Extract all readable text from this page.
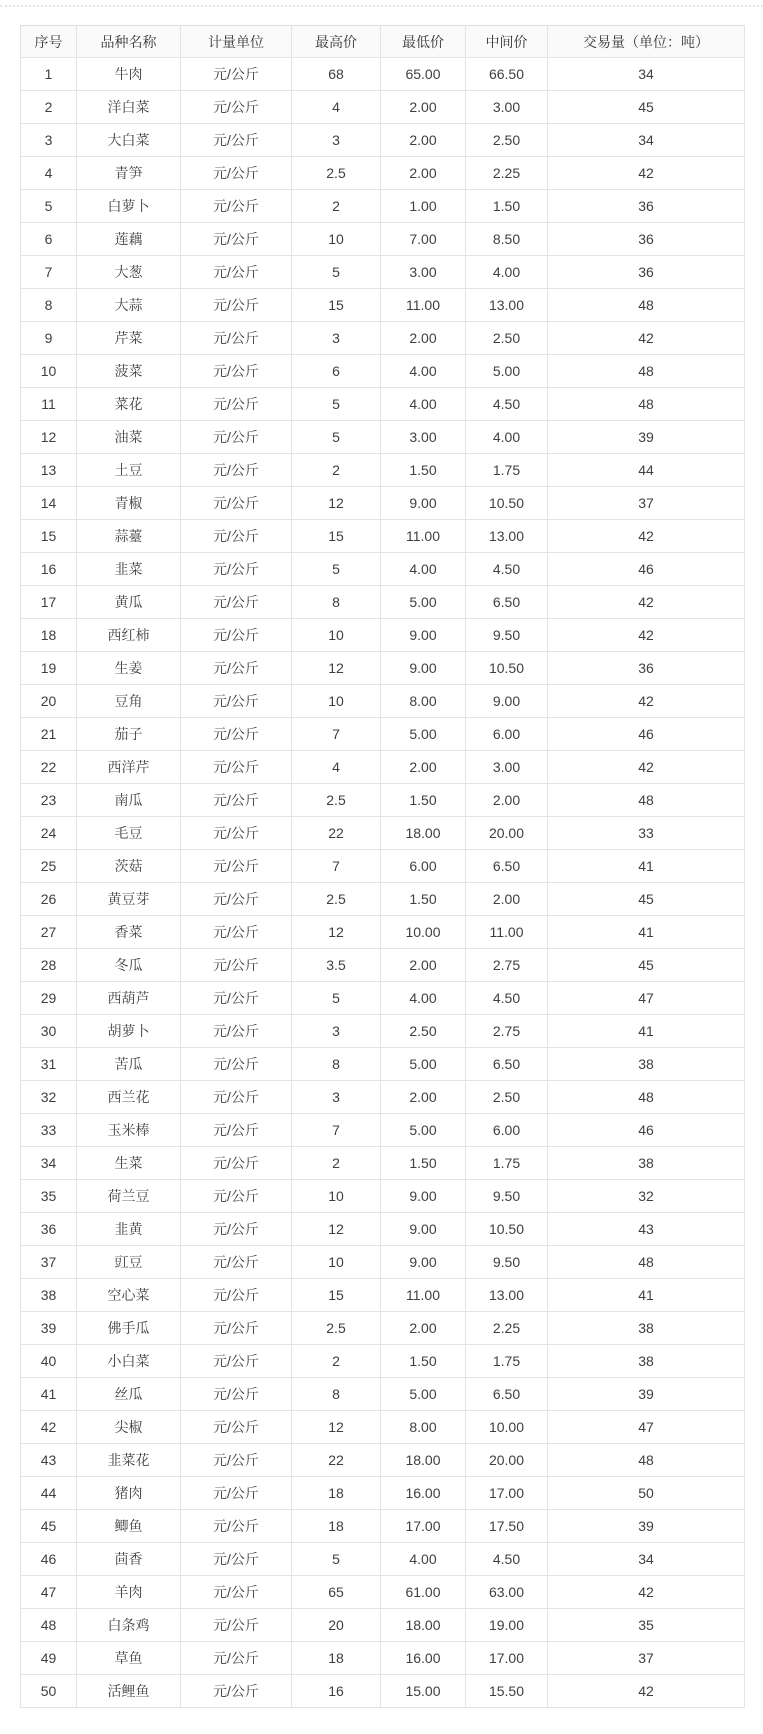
序号	品种名称	计量单位	最高价	最低价	中间价	交易量（单位：吨）
1	牛肉	元/公斤	68	65.00	66.50	34
2	洋白菜	元/公斤	4	2.00	3.00	45
3	大白菜	元/公斤	3	2.00	2.50	34
4	青笋	元/公斤	2.5	2.00	2.25	42
5	白萝卜	元/公斤	2	1.00	1.50	36
6	莲藕	元/公斤	10	7.00	8.50	36
7	大葱	元/公斤	5	3.00	4.00	36
8	大蒜	元/公斤	15	11.00	13.00	48
9	芹菜	元/公斤	3	2.00	2.50	42
10	菠菜	元/公斤	6	4.00	5.00	48
11	菜花	元/公斤	5	4.00	4.50	48
12	油菜	元/公斤	5	3.00	4.00	39
13	土豆	元/公斤	2	1.50	1.75	44
14	青椒	元/公斤	12	9.00	10.50	37
15	蒜薹	元/公斤	15	11.00	13.00	42
16	韭菜	元/公斤	5	4.00	4.50	46
17	黄瓜	元/公斤	8	5.00	6.50	42
18	西红柿	元/公斤	10	9.00	9.50	42
19	生姜	元/公斤	12	9.00	10.50	36
20	豆角	元/公斤	10	8.00	9.00	42
21	茄子	元/公斤	7	5.00	6.00	46
22	西洋芹	元/公斤	4	2.00	3.00	42
23	南瓜	元/公斤	2.5	1.50	2.00	48
24	毛豆	元/公斤	22	18.00	20.00	33
25	茨菇	元/公斤	7	6.00	6.50	41
26	黄豆芽	元/公斤	2.5	1.50	2.00	45
27	香菜	元/公斤	12	10.00	11.00	41
28	冬瓜	元/公斤	3.5	2.00	2.75	45
29	西葫芦	元/公斤	5	4.00	4.50	47
30	胡萝卜	元/公斤	3	2.50	2.75	41
31	苦瓜	元/公斤	8	5.00	6.50	38
32	西兰花	元/公斤	3	2.00	2.50	48
33	玉米棒	元/公斤	7	5.00	6.00	46
34	生菜	元/公斤	2	1.50	1.75	38
35	荷兰豆	元/公斤	10	9.00	9.50	32
36	韭黄	元/公斤	12	9.00	10.50	43
37	豇豆	元/公斤	10	9.00	9.50	48
38	空心菜	元/公斤	15	11.00	13.00	41
39	佛手瓜	元/公斤	2.5	2.00	2.25	38
40	小白菜	元/公斤	2	1.50	1.75	38
41	丝瓜	元/公斤	8	5.00	6.50	39
42	尖椒	元/公斤	12	8.00	10.00	47
43	韭菜花	元/公斤	22	18.00	20.00	48
44	猪肉	元/公斤	18	16.00	17.00	50
45	鲫鱼	元/公斤	18	17.00	17.50	39
46	茴香	元/公斤	5	4.00	4.50	34
47	羊肉	元/公斤	65	61.00	63.00	42
48	白条鸡	元/公斤	20	18.00	19.00	35
49	草鱼	元/公斤	18	16.00	17.00	37
50	活鲤鱼	元/公斤	16	15.00	15.50	42
